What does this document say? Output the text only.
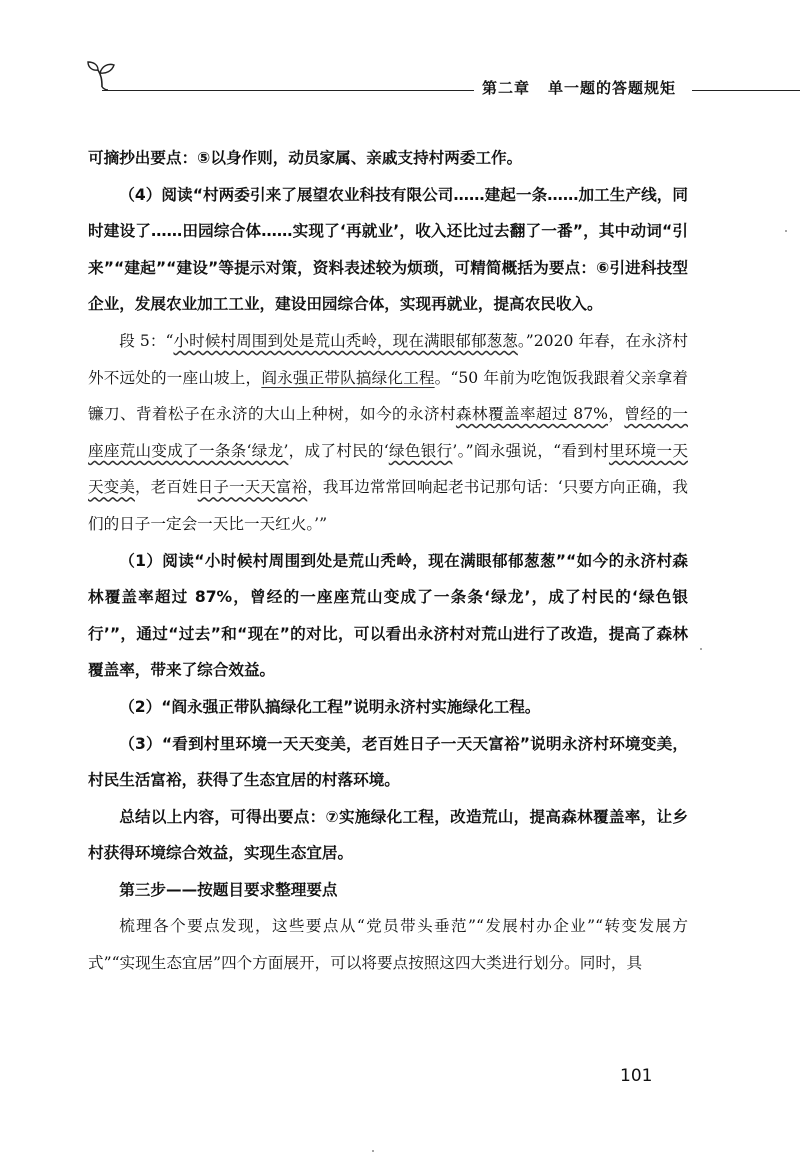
第二章 单一题的答题规矩

可摘抄出要点：⑤以身作则，动员家属、亲戚支持村两委工作。

（4）阅读“村两委引来了展望农业科技有限公司……建起一条……加工生产线，同时建设了……田园综合体……实现了‘再就业’，收入还比过去翻了一番”，其中动词“引来”“建起”“建设”等提示对策，资料表述较为烦琐，可精简概括为要点：⑥引进科技型企业，发展农业加工工业，建设田园综合体，实现再就业，提高农民收入。

段 5：“小时候村周围到处是荒山秃岭，现在满眼郁郁葱葱。”2020 年春，在永济村外不远处的一座山坡上，阎永强正带队搞绿化工程。“50 年前为吃饱饭我跟着父亲拿着镰刀、背着松子在永济的大山上种树，如今的永济村森林覆盖率超过 87%，曾经的一座座荒山变成了一条条‘绿龙’，成了村民的‘绿色银行’。”阎永强说，“看到村里环境一天天变美，老百姓日子一天天富裕，我耳边常常回响起老书记那句话：‘只要方向正确，我们的日子一定会一天比一天红火。’”

（1）阅读“小时候村周围到处是荒山秃岭，现在满眼郁郁葱葱”“如今的永济村森林覆盖率超过 87%，曾经的一座座荒山变成了一条条‘绿龙’，成了村民的‘绿色银行’”，通过“过去”和“现在”的对比，可以看出永济村对荒山进行了改造，提高了森林覆盖率，带来了综合效益。

（2）“阎永强正带队搞绿化工程”说明永济村实施绿化工程。

（3）“看到村里环境一天天变美，老百姓日子一天天富裕”说明永济村环境变美，村民生活富裕，获得了生态宜居的村落环境。

总结以上内容，可得出要点：⑦实施绿化工程，改造荒山，提高森林覆盖率，让乡村获得环境综合效益，实现生态宜居。

第三步——按题目要求整理要点

梳理各个要点发现，这些要点从“党员带头垂范”“发展村办企业”“转变发展方式”“实现生态宜居”四个方面展开，可以将要点按照这四大类进行划分。同时，具

101
